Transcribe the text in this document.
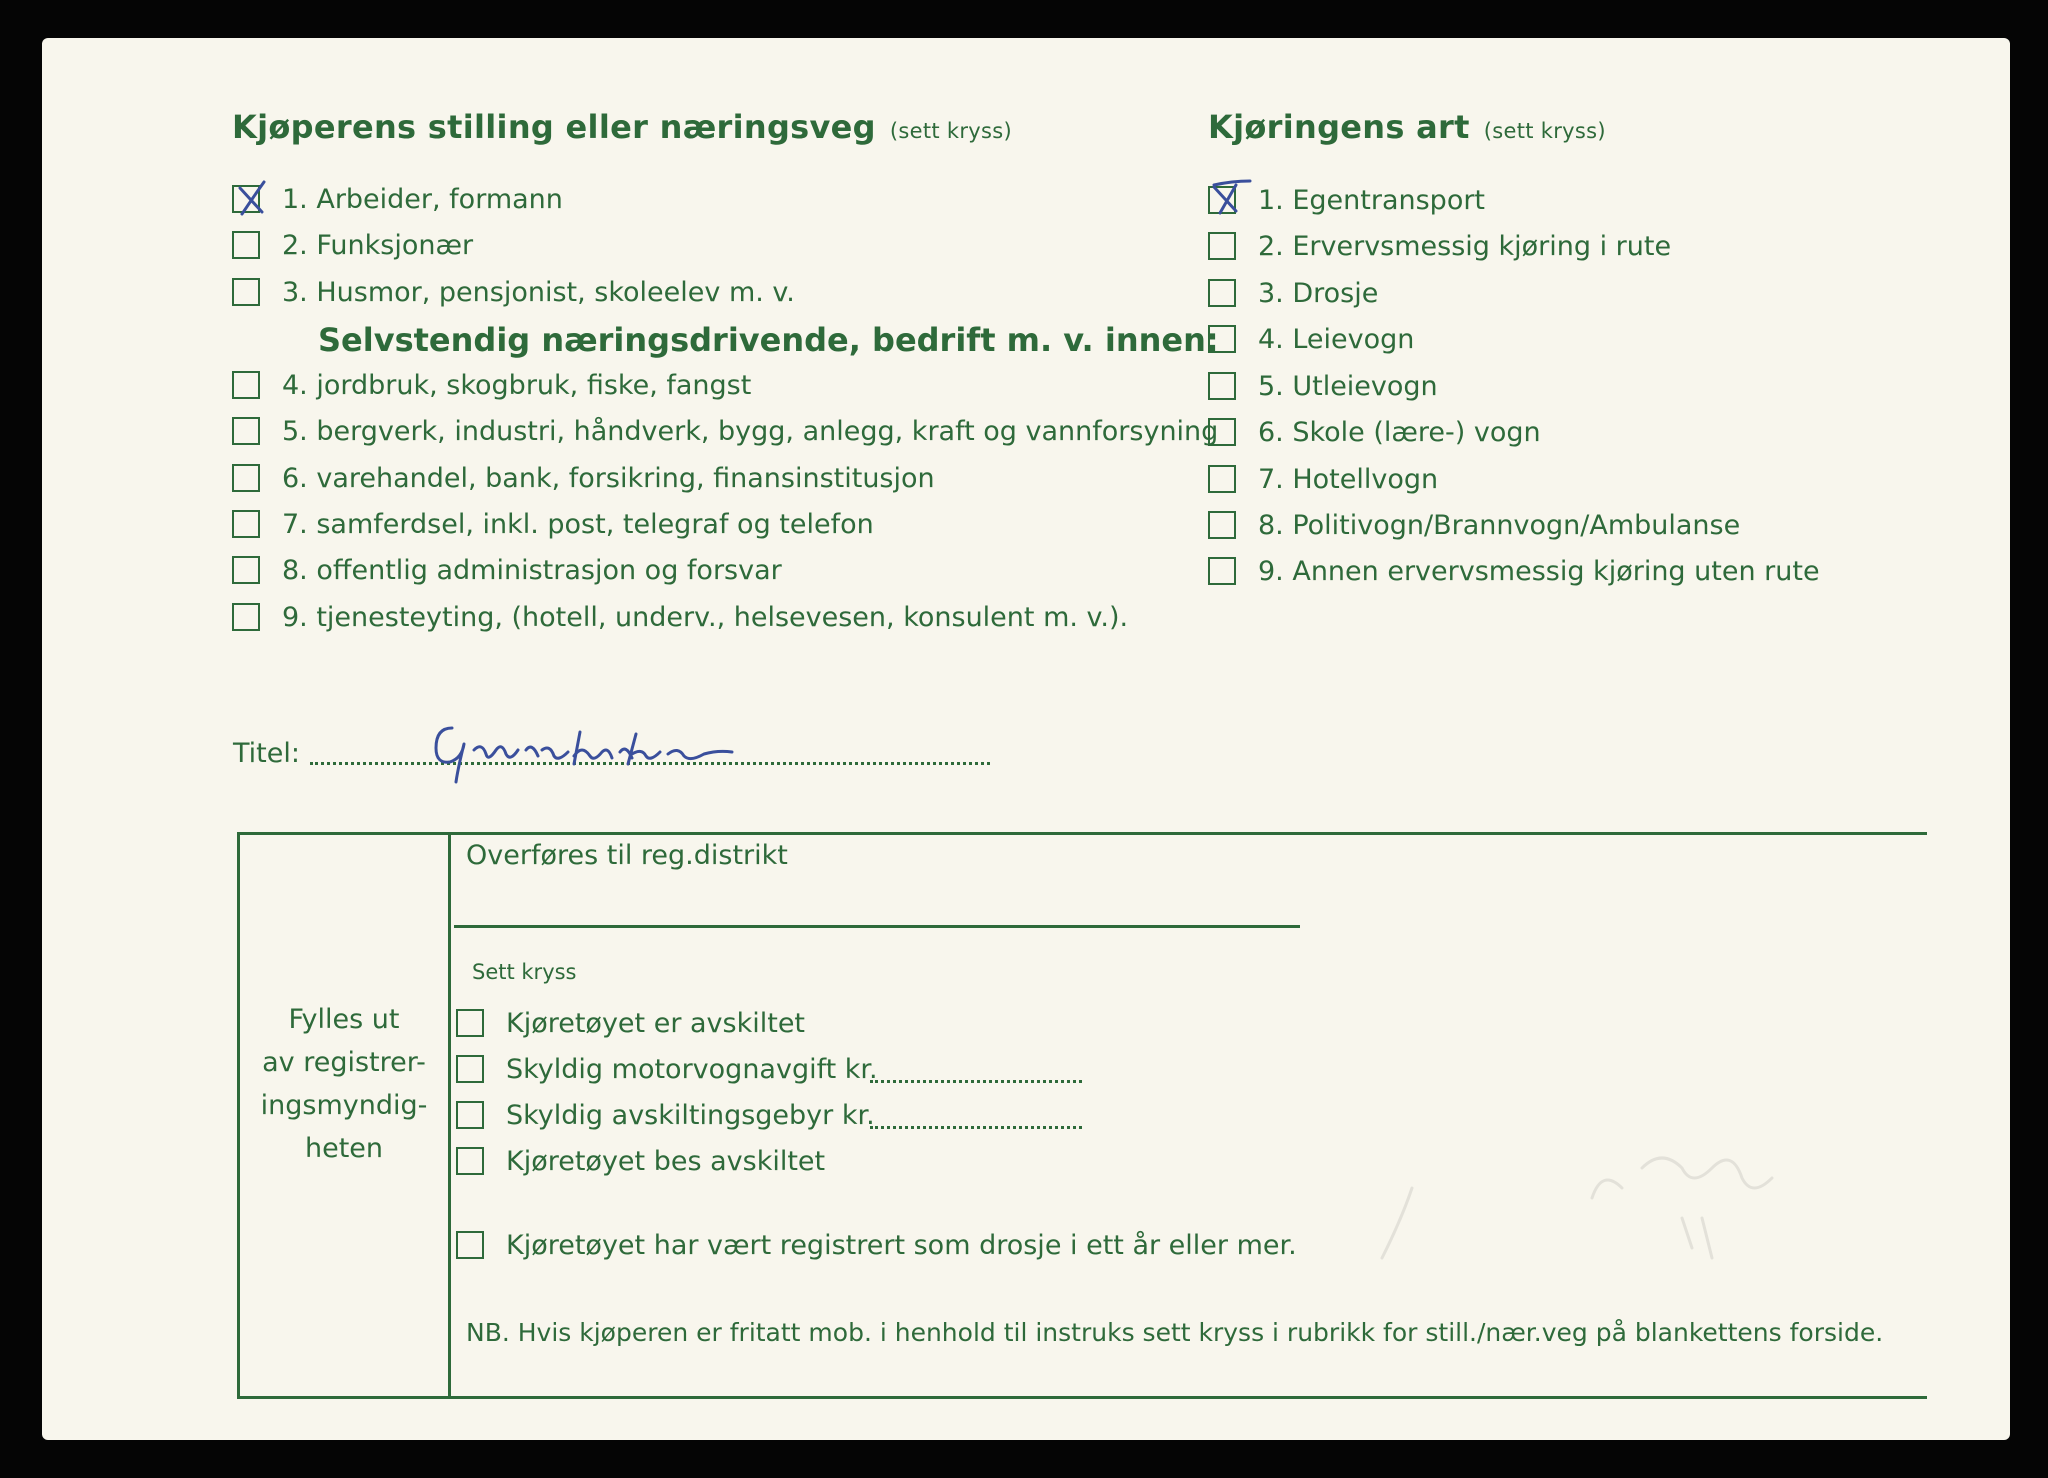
Kjøperens stilling eller næringsveg (sett kryss)
1. Arbeider, formann
2. Funksjonær
3. Husmor, pensjonist, skoleelev m. v.
Selvstendig næringsdrivende, bedrift m. v. innen:
4. jordbruk, skogbruk, fiske, fangst
5. bergverk, industri, håndverk, bygg, anlegg, kraft og vannforsyning
6. varehandel, bank, forsikring, finansinstitusjon
7. samferdsel, inkl. post, telegraf og telefon
8. offentlig administrasjon og forsvar
9. tjenesteyting, (hotell, underv., helsevesen, konsulent m. v.).
Kjøringens art (sett kryss)
1. Egentransport
2. Ervervsmessig kjøring i rute
3. Drosje
4. Leievogn
5. Utleievogn
6. Skole (lære-) vogn
7. Hotellvogn
8. Politivogn/Brannvogn/Ambulanse
9. Annen ervervsmessig kjøring uten rute
Titel:
Fylles ut
av registrer-
ingsmyndig-
heten
Overføres til reg.distrikt
Sett kryss
Kjøretøyet er avskiltet
Skyldig motorvognavgift kr.
Skyldig avskiltingsgebyr kr.
Kjøretøyet bes avskiltet
Kjøretøyet har vært registrert som drosje i ett år eller mer.
NB. Hvis kjøperen er fritatt mob. i henhold til instruks sett kryss i rubrikk for still./nær.veg på blankettens forside.
